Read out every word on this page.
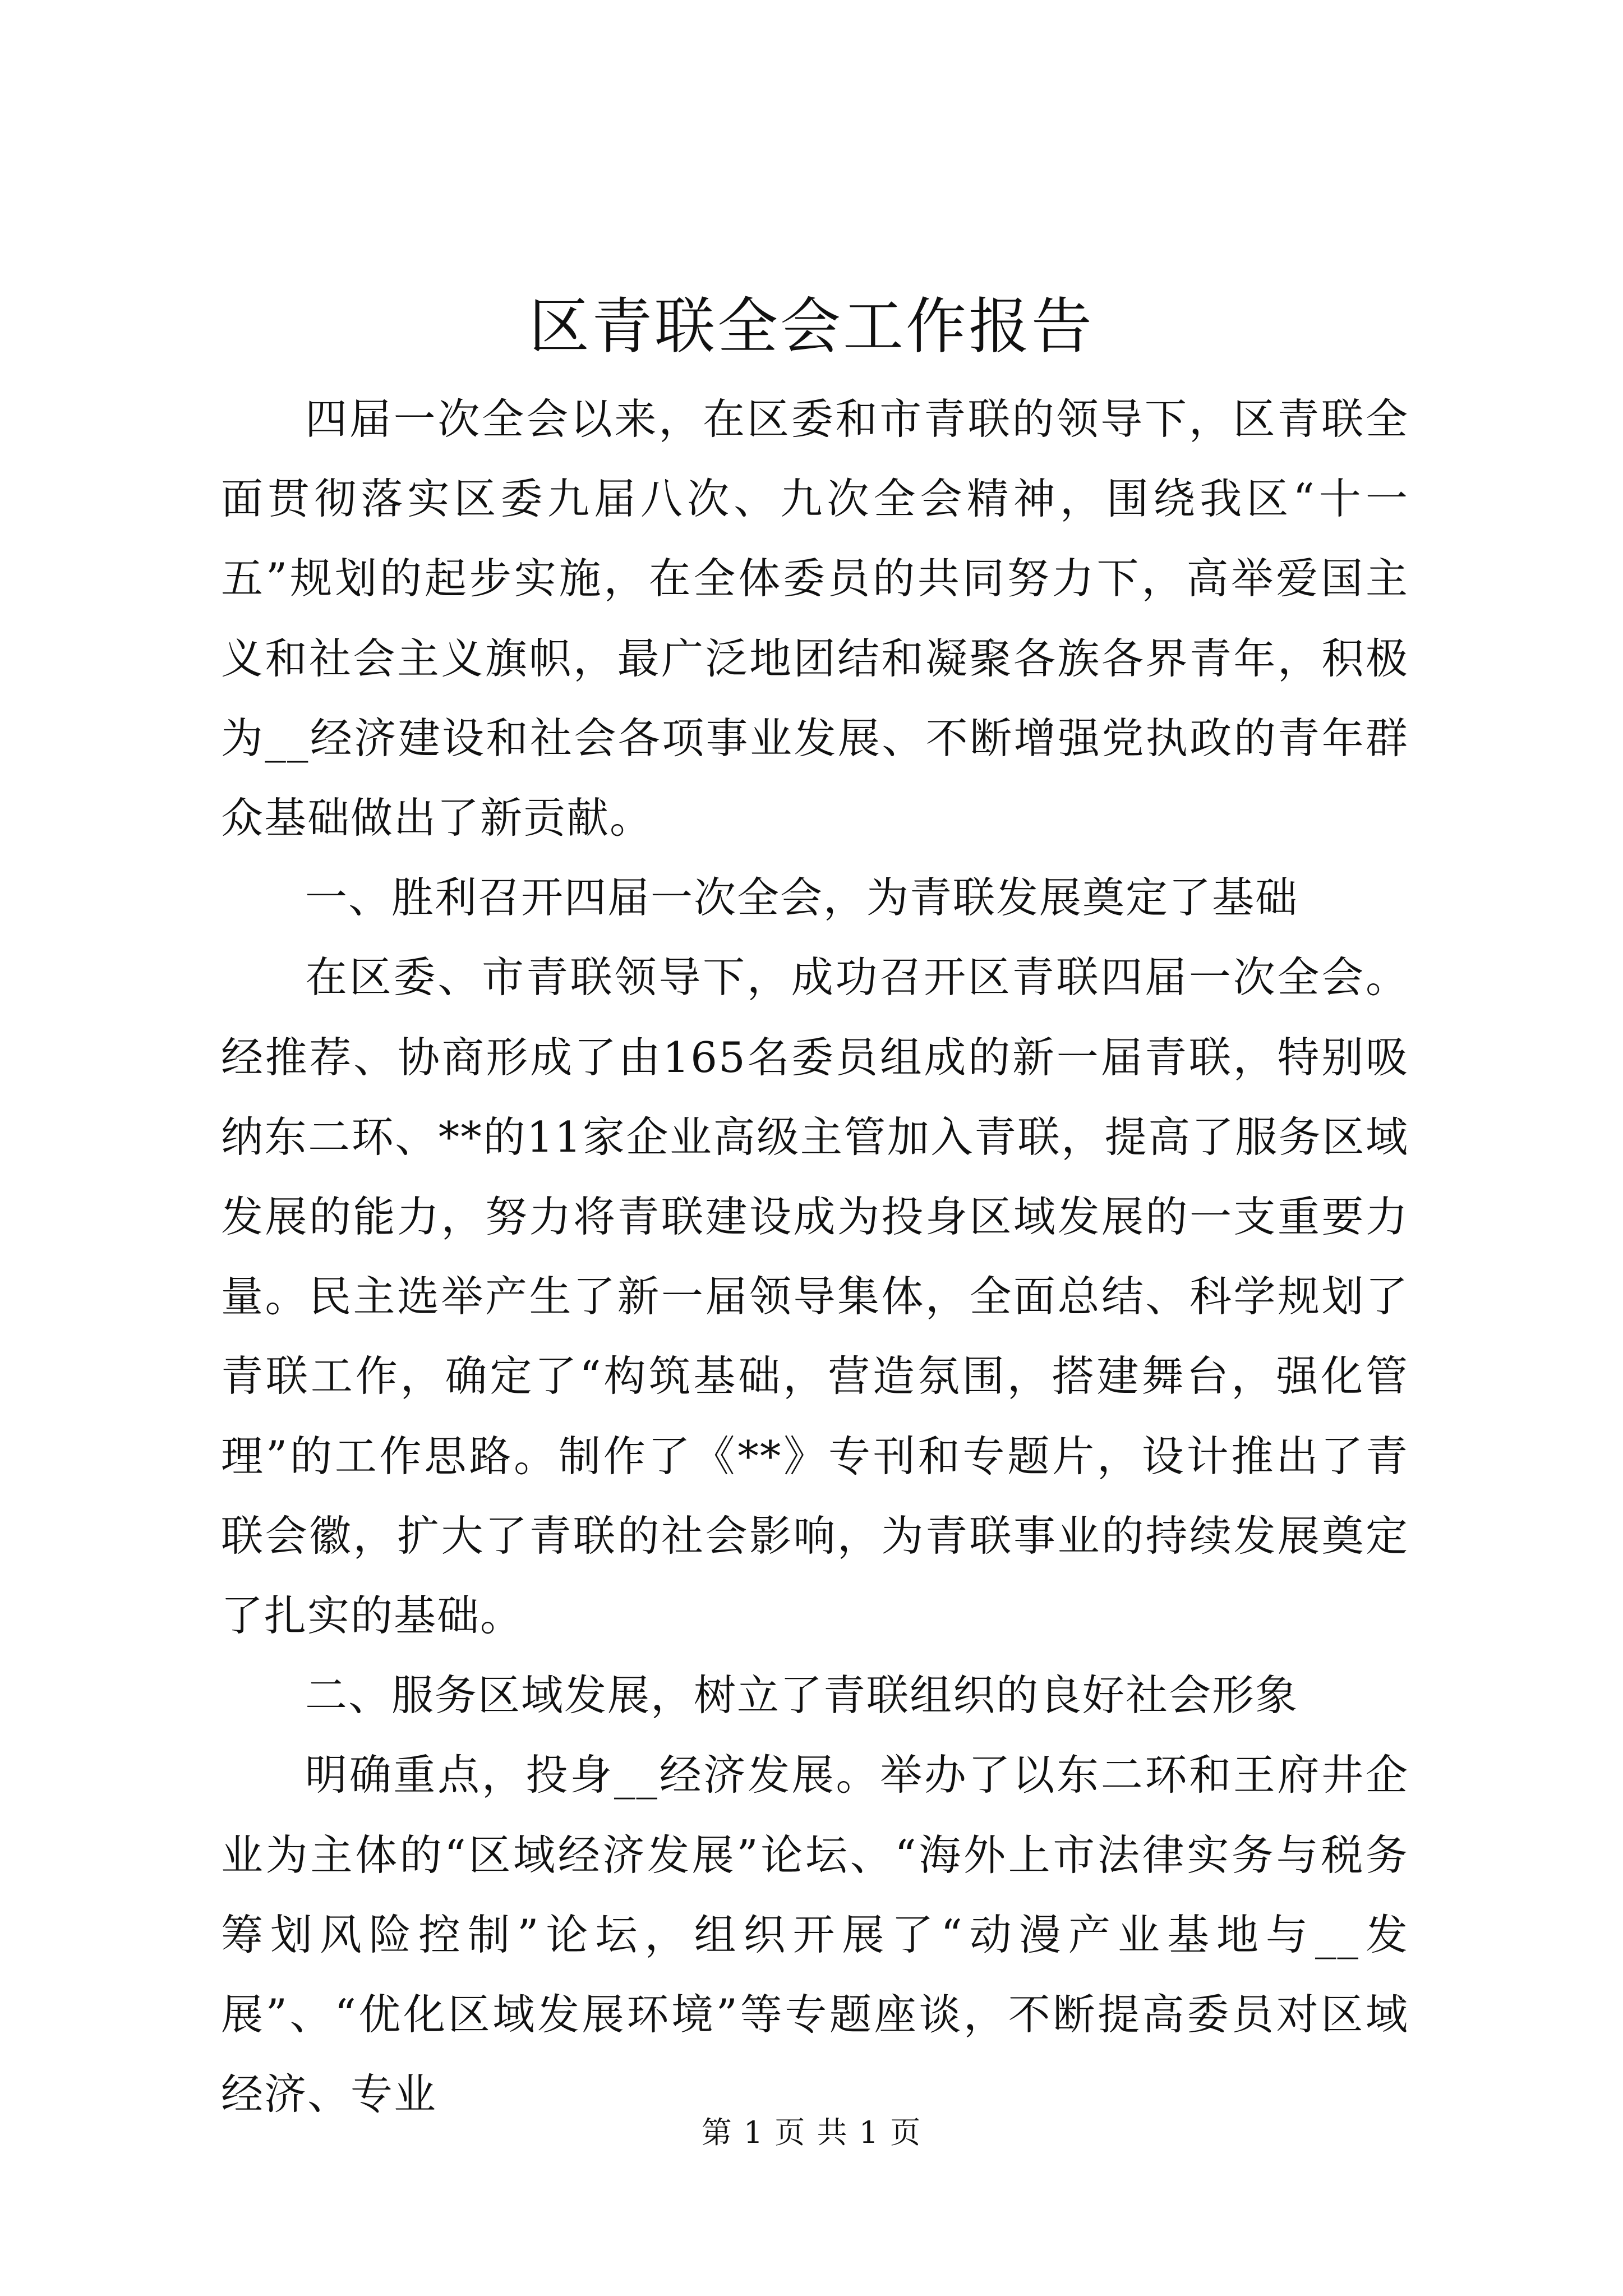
区青联全会工作报告

四届一次全会以来，在区委和市青联的领导下，区青联全面贯彻落实区委九届八次、九次全会精神，围绕我区“十一五”规划的起步实施，在全体委员的共同努力下，高举爱国主义和社会主义旗帜，最广泛地团结和凝聚各族各界青年，积极为__经济建设和社会各项事业发展、不断增强党执政的青年群众基础做出了新贡献。

一、胜利召开四届一次全会，为青联发展奠定了基础

在区委、市青联领导下，成功召开区青联四届一次全会。经推荐、协商形成了由165名委员组成的新一届青联，特别吸纳东二环、**的11家企业高级主管加入青联，提高了服务区域发展的能力，努力将青联建设成为投身区域发展的一支重要力量。民主选举产生了新一届领导集体，全面总结、科学规划了青联工作，确定了“构筑基础，营造氛围，搭建舞台，强化管理”的工作思路。制作了《**》专刊和专题片，设计推出了青联会徽，扩大了青联的社会影响，为青联事业的持续发展奠定了扎实的基础。

二、服务区域发展，树立了青联组织的良好社会形象

明确重点，投身__经济发展。举办了以东二环和王府井企业为主体的“区域经济发展”论坛、“海外上市法律实务与税务筹划风险控制”论坛，组织开展了“动漫产业基地与__发展”、“优化区域发展环境”等专题座谈，不断提高委员对区域经济、专业

第 1 页 共 1 页
